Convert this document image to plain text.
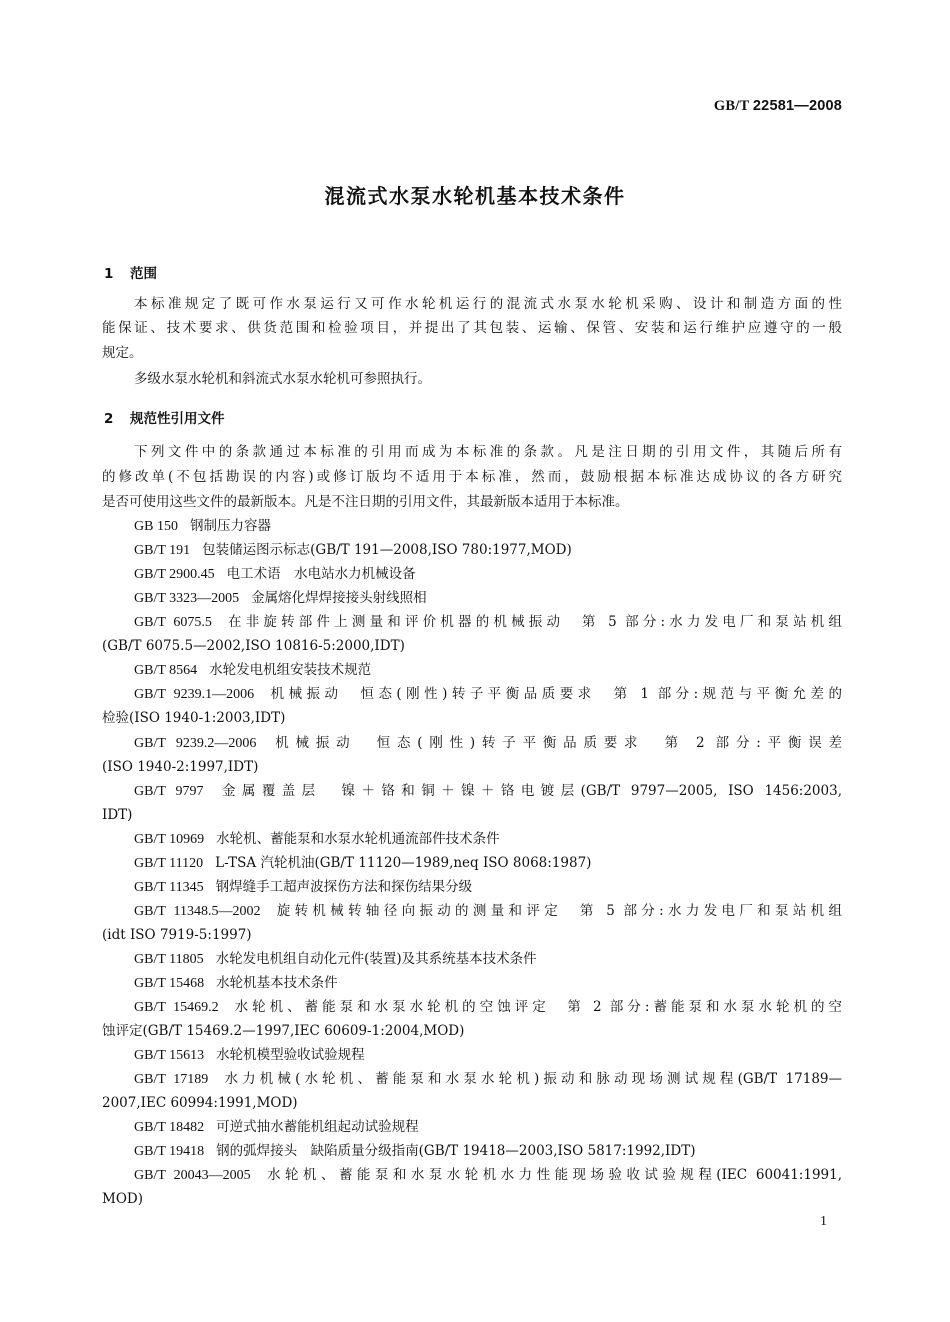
GB/T 22581—2008
混流式水泵水轮机基本技术条件
1 范围
本标准规定了既可作水泵运行又可作水轮机运行的混流式水泵水轮机采购、设计和制造方面的性
能保证、技术要求、供货范围和检验项目，并提出了其包装、运输、保管、安装和运行维护应遵守的一般
规定。
多级水泵水轮机和斜流式水泵水轮机可参照执行。
2 规范性引用文件
下列文件中的条款通过本标准的引用而成为本标准的条款。凡是注日期的引用文件，其随后所有
的修改单(不包括勘误的内容)或修订版均不适用于本标准，然而，鼓励根据本标准达成协议的各方研究
是否可使用这些文件的最新版本。凡是不注日期的引用文件，其最新版本适用于本标准。
GB 150 钢制压力容器
GB/T 191 包装储运图示标志(GB/T 191—2008,ISO 780:1977,MOD)
GB/T 2900.45 电工术语　水电站水力机械设备
GB/T 3323—2005 金属熔化焊焊接接头射线照相
GB/T 6075.5 在非旋转部件上测量和评价机器的机械振动　第 5 部分:水力发电厂和泵站机组
(GB/T 6075.5—2002,ISO 10816-5:2000,IDT)
GB/T 8564 水轮发电机组安装技术规范
GB/T 9239.1—2006 机械振动　恒态(刚性)转子平衡品质要求　第 1 部分:规范与平衡允差的
检验(ISO 1940-1:2003,IDT)
GB/T 9239.2—2006 机械振动　恒态(刚性)转子平衡品质要求　第 2 部分:平衡误差
(ISO 1940-2:1997,IDT)
GB/T 9797 金属覆盖层　镍＋铬和铜＋镍＋铬电镀层(GB/T 9797—2005, ISO 1456:2003,
IDT)
GB/T 10969 水轮机、蓄能泵和水泵水轮机通流部件技术条件
GB/T 11120 L-TSA 汽轮机油(GB/T 11120—1989,neq ISO 8068:1987)
GB/T 11345 钢焊缝手工超声波探伤方法和探伤结果分级
GB/T 11348.5—2002 旋转机械转轴径向振动的测量和评定　第 5 部分:水力发电厂和泵站机组
(idt ISO 7919-5:1997)
GB/T 11805 水轮发电机组自动化元件(装置)及其系统基本技术条件
GB/T 15468 水轮机基本技术条件
GB/T 15469.2 水轮机、蓄能泵和水泵水轮机的空蚀评定　第 2 部分:蓄能泵和水泵水轮机的空
蚀评定(GB/T 15469.2—1997,IEC 60609-1:2004,MOD)
GB/T 15613 水轮机模型验收试验规程
GB/T 17189 水力机械(水轮机、蓄能泵和水泵水轮机)振动和脉动现场测试规程(GB/T 17189—
2007,IEC 60994:1991,MOD)
GB/T 18482 可逆式抽水蓄能机组起动试验规程
GB/T 19418 钢的弧焊接头　缺陷质量分级指南(GB/T 19418—2003,ISO 5817:1992,IDT)
GB/T 20043—2005 水轮机、蓄能泵和水泵水轮机水力性能现场验收试验规程(IEC 60041:1991,
MOD)
1
